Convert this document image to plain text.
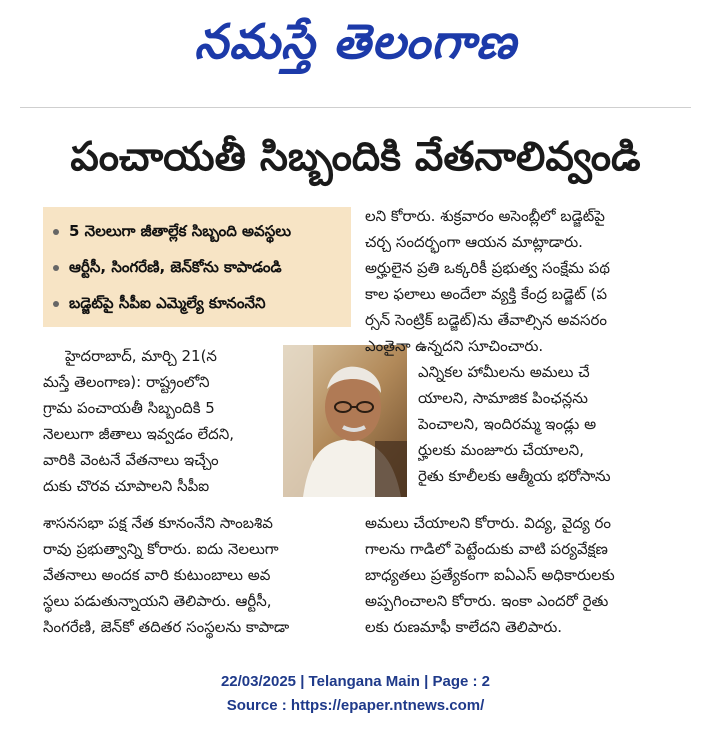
నమస్తే తెలంగాణ
పంచాయతీ సిబ్బందికి వేతనాలివ్వండి
5 నెలలుగా జీతాల్లేక సిబ్బంది అవస్థలు
ఆర్టీసీ, సింగరేణి, జెన్‌కోను కాపాడండి
బడ్జెట్‌పై సీపీఐ ఎమ్మెల్యే కూనంనేని
హైదరాబాద్, మార్చి 21(న
మస్తే తెలంగాణ): రాష్ట్రంలోని
గ్రామ పంచాయతీ సిబ్బందికి 5
నెలలుగా జీతాలు ఇవ్వడం లేదని,
వారికి వెంటనే వేతనాలు ఇచ్చేం
దుకు చొరవ చూపాలని సీపీఐ
శాసనసభా పక్ష నేత కూనంనేని సాంబశివ
రావు ప్రభుత్వాన్ని కోరారు. ఐదు నెలలుగా
వేతనాలు అందక వారి కుటుంబాలు అవ
స్థలు పడుతున్నాయని తెలిపారు. ఆర్టీసీ,
సింగరేణి, జెన్‌కో తదితర సంస్థలను కాపాడా
లని కోరారు. శుక్రవారం అసెంబ్లీలో బడ్జెట్‌పై
చర్చ సందర్భంగా ఆయన మాట్లాడారు.
అర్హులైన ప్రతి ఒక్కరికీ ప్రభుత్వ సంక్షేమ పథ
కాల ఫలాలు అందేలా వ్యక్తి కేంద్ర బడ్జెట్ (ప
ర్సన్ సెంట్రిక్ బడ్జెట్)ను తేవాల్సిన అవసరం
ఎంతైనా ఉన్నదని సూచించారు.
ఎన్నికల హామీలను అమలు చే
యాలని, సామాజిక పింఛన్లను
పెంచాలని, ఇందిరమ్మ ఇండ్లు అ
ర్హులకు మంజూరు చేయాలని,
రైతు కూలీలకు ఆత్మీయ భరోసాను
అమలు చేయాలని కోరారు. విద్య, వైద్య రం
గాలను గాడిలో పెట్టేందుకు వాటి పర్యవేక్షణ
బాధ్యతలు ప్రత్యేకంగా ఐఏఎస్ అధికారులకు
అప్పగించాలని కోరారు. ఇంకా ఎందరో రైతు
లకు రుణమాఫీ కాలేదని తెలిపారు.
22/03/2025 | Telangana Main | Page : 2
Source : https://epaper.ntnews.com/
